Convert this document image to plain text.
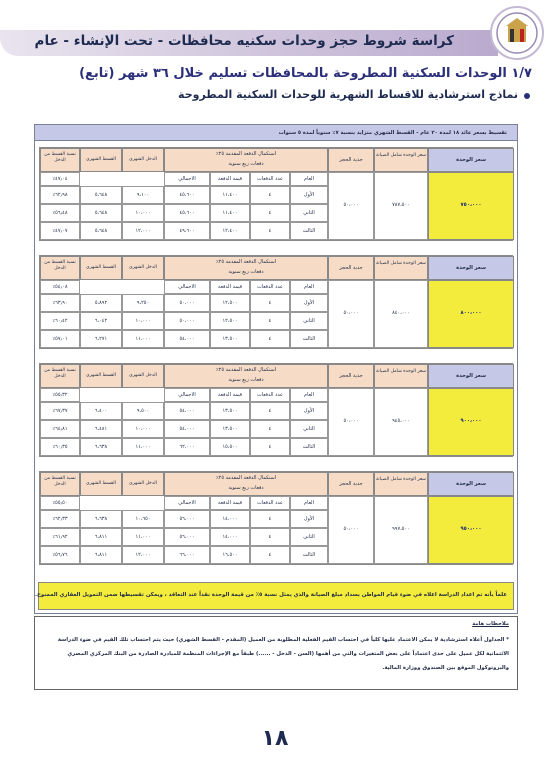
كراسة شروط حجز وحدات سكنيه محافظات - تحت الإنشاء - عام
١/٧ الوحدات السكنية المطروحة بالمحافظات تسليم خلال ٣٦ شهر (تابع)
نماذج استرشادية للاقساط الشهرية للوحدات السكنية المطروحة
تقسيط بسعر عائد ١٨ لمدة ٢٠ عام - القسط الشهري متزايد بنسبة ٧٪ سنوياً لمدة ٥ سنوات
سعر الوحدة
سعر الوحدة شامل الصيانة
جدية الحجز
استكمال الدفعة المقدمة ٢٥٪
دفعات ربع سنوية
الدخل الشهري
القسط الشهري
نسبة القسط من الدخل
العام
عدد الدفعات
قيمة الدفعة
الاجمالي
٧٥٠،٠٠٠
٧٨٧،٥٠٠
٥٠،٠٠٠
٤٧٫٠٤٪
الأول
٤
١١،٤٠٠
٤٥،٦٠٠
٩،١٠٠
٥،٦٤٨
٦٢٫٩٨٪
الثاني
٤
١١،٤٠٠
٤٥،٦٠٠
١٠،٠٠٠
٥،٦٤٨
٥٦٫٤٨٪
الثالث
٤
١٢،٤٠٠
٤٩،٦٠٠
١٢،٠٠٠
٥،٦٤٨
٤٧٫٠٧٪
سعر الوحدة
سعر الوحدة شامل الصيانة
جدية الحجز
استكمال الدفعة المقدمة ٢٥٪
دفعات ربع سنوية
الدخل الشهري
القسط الشهري
نسبة القسط من الدخل
العام
عدد الدفعات
قيمة الدفعة
الاجمالي
٨٠٠،٠٠٠
٨٤٠،٠٠٠
٥٠،٠٠٠
٥٤٫٠٨٪
الأول
٤
١٢،٥٠٠
٥٠،٠٠٠
٩،٢٥٠
٥،٨٩٢
٦٣٫٩٠٪
الثاني
٤
١٢،٥٠٠
٥٠،٠٠٠
١٠،٠٠٠
٦،٠٤٢
٦٠٫٤٢٪
الثالث
٤
١٣،٥٠٠
٥٤،٠٠٠
١١،٠٠٠
٦،٢٧١
٥٧٫٠١٪
سعر الوحدة
سعر الوحدة شامل الصيانة
جدية الحجز
استكمال الدفعة المقدمة ٢٥٪
دفعات ربع سنوية
الدخل الشهري
القسط الشهري
نسبة القسط من الدخل
العام
عدد الدفعات
قيمة الدفعة
الاجمالي
٩٠٠،٠٠٠
٩٤٥،٠٠٠
٥٠،٠٠٠
٥٥٫٣٢٪
الأول
٤
١٣،٥٠٠
٥٤،٠٠٠
٩،٥٠٠
٦،٤٠٠
٦٧٫٣٧٪
الثاني
٤
١٣،٥٠٠
٥٤،٠٠٠
١٠،٠٠٠
٦،٤٨١
٦٤٫٨١٪
الثالث
٤
١٥،٥٠٠
٦٢،٠٠٠
١١،٠٠٠
٦،٦٣٨
٦٠٫٣٥٪
سعر الوحدة
سعر الوحدة شامل الصيانة
جدية الحجز
استكمال الدفعة المقدمة ٢٥٪
دفعات ربع سنوية
الدخل الشهري
القسط الشهري
نسبة القسط من الدخل
العام
عدد الدفعات
قيمة الدفعة
الاجمالي
٩٥٠،٠٠٠
٩٩٧،٥٠٠
٥٠،٠٠٠
٥٥٫٥٠٪
الأول
٤
١٤،٠٠٠
٥٦،٠٠٠
١٠،٦٥٠
٦،٦٣٨
٦٢٫٣٣٪
الثاني
٤
١٤،٠٠٠
٥٦،٠٠٠
١١،٠٠٠
٦،٨١١
٦١٫٩٢٪
الثالث
٤
١٦،٥٠٠
٦٦،٠٠٠
١٢،٠٠٠
٦،٨١١
٥٦٫٧٦٪
علماً بأنه تم اعداد الدراسة اعلاه في ضوء قيام المواطن بسداد مبلغ الصيانة والذي يمثل نسبة ٥٪ من قيمة الوحدة نقداً عند التعاقد ، ويمكن تقسيطها ضمن التمويل العقاري الممنوح.
ملاحظات هامة
* الجداول أعلاه استرشادية لا يمكن الاعتماد عليها كلياً في احتساب القيم الفعلية المطلوبة من العميل (المقدم - القسط الشهري) حيث يتم احتساب تلك القيم في ضوء الدراسة
الائتمانية لكل عميل على حدى اعتماداً على بعض المتغيرات والتي من أهمها (السن - الدخل - ......) طبقاً مع الإجراءات المنظمة للمبادرة الصادرة من البنك المركزي المصري
والبروتوكول الموقع بين الصندوق ووزارة المالية.
١٨
